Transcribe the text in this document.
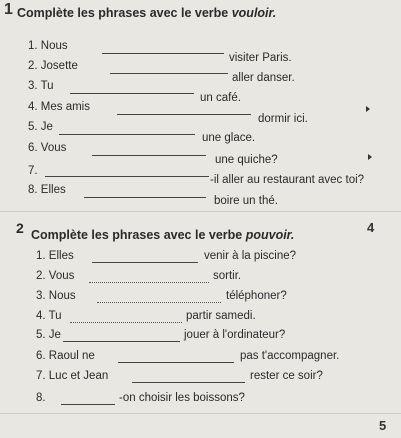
1 Complète les phrases avec le verbe vouloir.
1. Nous
visiter Paris.
2. Josette
aller danser.
3. Tu
un café.
4. Mes amis
dormir ici.
5. Je
une glace.
6. Vous
une quiche?
7.
-il aller au restaurant avec toi?
8. Elles
boire un thé.
2 Complète les phrases avec le verbe pouvoir.	4
1. Elles	venir à la piscine?
2. Vous	sortir.
3. Nous	téléphoner?
4. Tu	partir samedi.
5. Je	jouer à l'ordinateur?
6. Raoul ne	pas t'accompagner.
7. Luc et Jean	rester ce soir?
8.	-on choisir les boissons?
5
